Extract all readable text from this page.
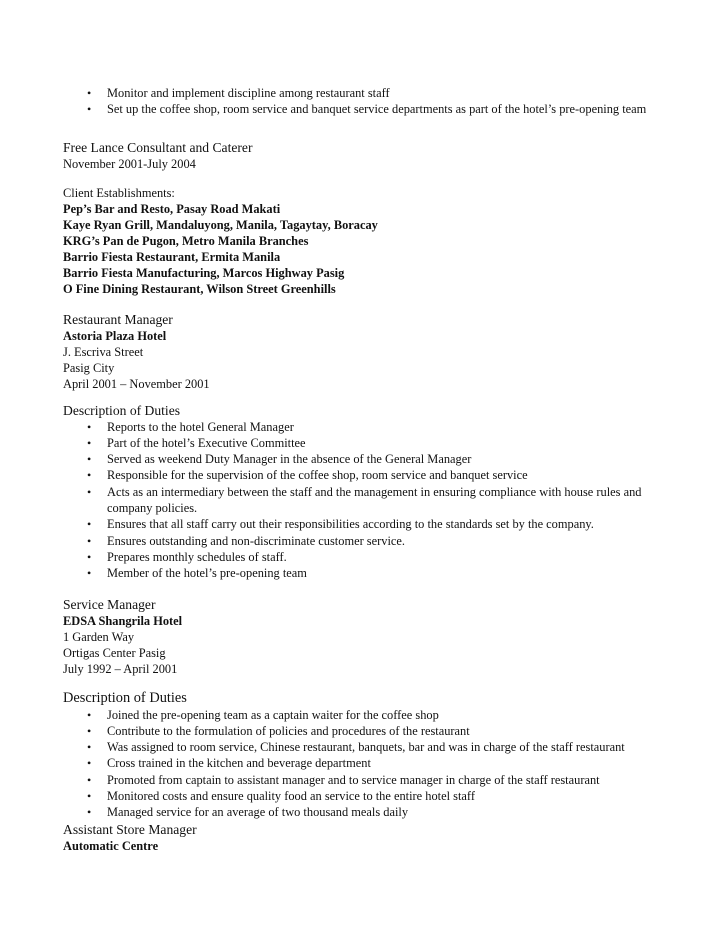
• Monitor and implement discipline among restaurant staff
• Set up the coffee shop, room service and banquet service departments as part of the hotel’s pre-opening team
Free Lance Consultant and Caterer
November 2001-July 2004
Client Establishments:
Pep’s Bar and Resto, Pasay Road Makati
Kaye Ryan Grill, Mandaluyong, Manila, Tagaytay, Boracay
KRG’s Pan de Pugon, Metro Manila Branches
Barrio Fiesta Restaurant, Ermita Manila
Barrio Fiesta Manufacturing, Marcos Highway Pasig
O Fine Dining Restaurant, Wilson Street Greenhills
Restaurant Manager
Astoria Plaza Hotel
J. Escriva Street
Pasig City
April 2001 – November 2001
Description of Duties
• Reports to the hotel General Manager
• Part of the hotel’s Executive Committee
• Served as weekend Duty Manager in the absence of the General Manager
• Responsible for the supervision of the coffee shop, room service and banquet service
• Acts as an intermediary between the staff and the management in ensuring compliance with house rules and company policies.
• Ensures that all staff carry out their responsibilities according to the standards set by the company.
• Ensures outstanding and non-discriminate customer service.
• Prepares monthly schedules of staff.
• Member of the hotel’s pre-opening team
Service Manager
EDSA Shangrila Hotel
1 Garden Way
Ortigas Center Pasig
July 1992 – April 2001
Description of Duties
• Joined the pre-opening team as a captain waiter for the coffee shop
• Contribute to the formulation of policies and procedures of the restaurant
• Was assigned to room service, Chinese restaurant, banquets, bar and was in charge of the staff restaurant
• Cross trained in the kitchen and beverage department
• Promoted from captain to assistant manager and to service manager in charge of the staff restaurant
• Monitored costs and ensure quality food an service to the entire hotel staff
• Managed service for an average of two thousand meals daily
Assistant Store Manager
Automatic Centre
